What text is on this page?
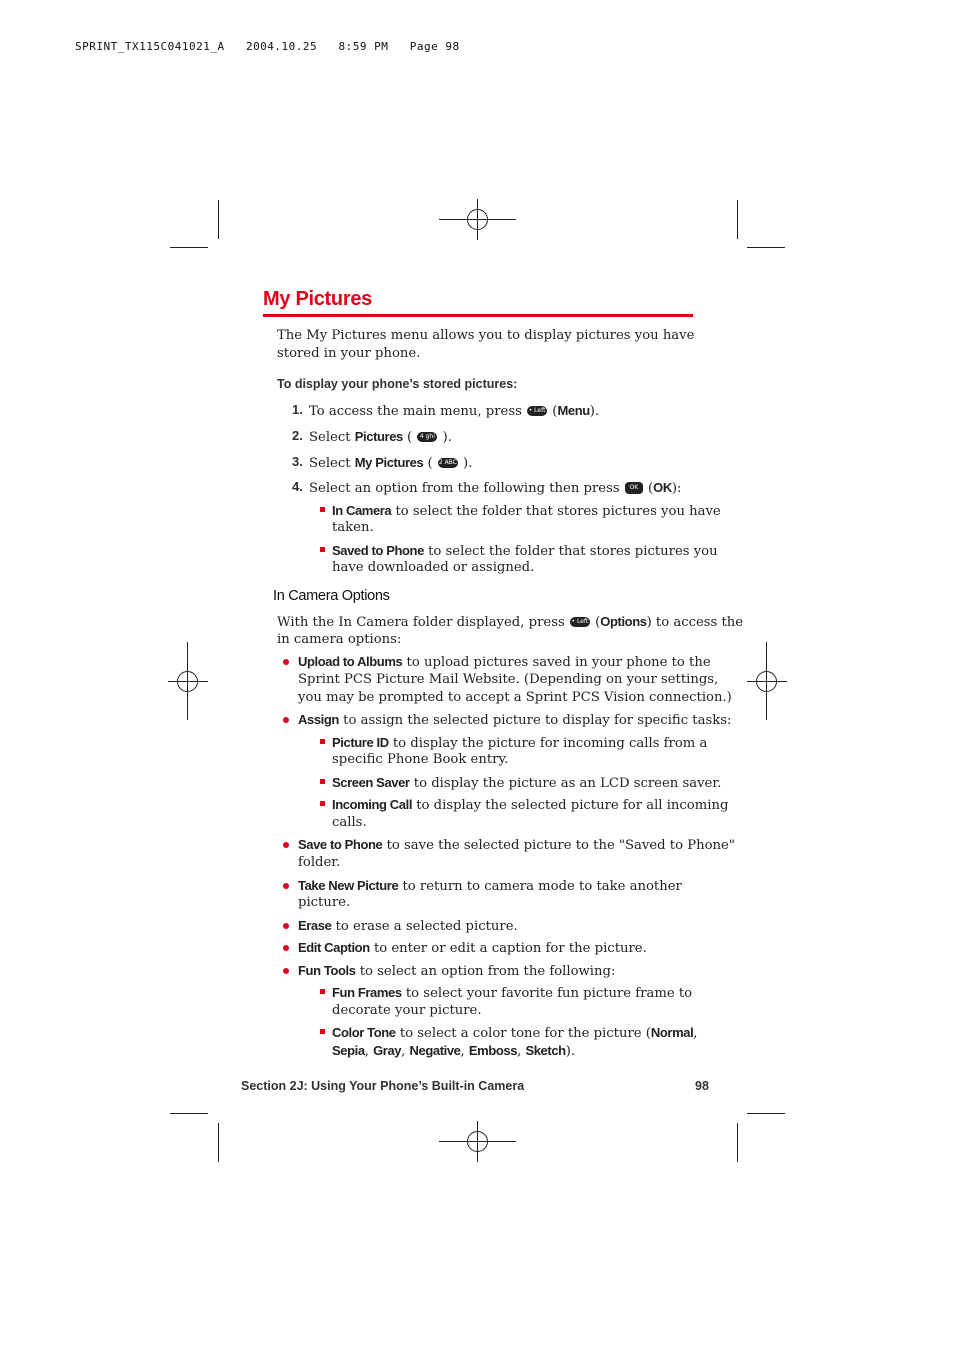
SPRINT_TX115C041021_A   2004.10.25   8:59 PM   Page 98
My Pictures
The My Pictures menu allows you to display pictures you have
stored in your phone.
To display your phone’s stored pictures:
1. To access the main menu, press • Left (Menu).
2. Select Pictures ( 4 ghi ).
3. Select My Pictures ( 2 ABC ).
4. Select an option from the following then press OK (OK):
In Camera to select the folder that stores pictures you have
taken.
Saved to Phone to select the folder that stores pictures you
have downloaded or assigned.
In Camera Options
With the In Camera folder displayed, press • Left (Options) to access the
in camera options:
Upload to Albums to upload pictures saved in your phone to the
Sprint PCS Picture Mail Website. (Depending on your settings,
you may be prompted to accept a Sprint PCS Vision connection.)
Assign to assign the selected picture to display for specific tasks:
Picture ID to display the picture for incoming calls from a
specific Phone Book entry.
Screen Saver to display the picture as an LCD screen saver.
Incoming Call to display the selected picture for all incoming
calls.
Save to Phone to save the selected picture to the "Saved to Phone"
folder.
Take New Picture to return to camera mode to take another
picture.
Erase to erase a selected picture.
Edit Caption to enter or edit a caption for the picture.
Fun Tools to select an option from the following:
Fun Frames to select your favorite fun picture frame to
decorate your picture.
Color Tone to select a color tone for the picture (Normal,
Sepia, Gray, Negative, Emboss, Sketch).
Section 2J: Using Your Phone’s Built-in Camera	98
